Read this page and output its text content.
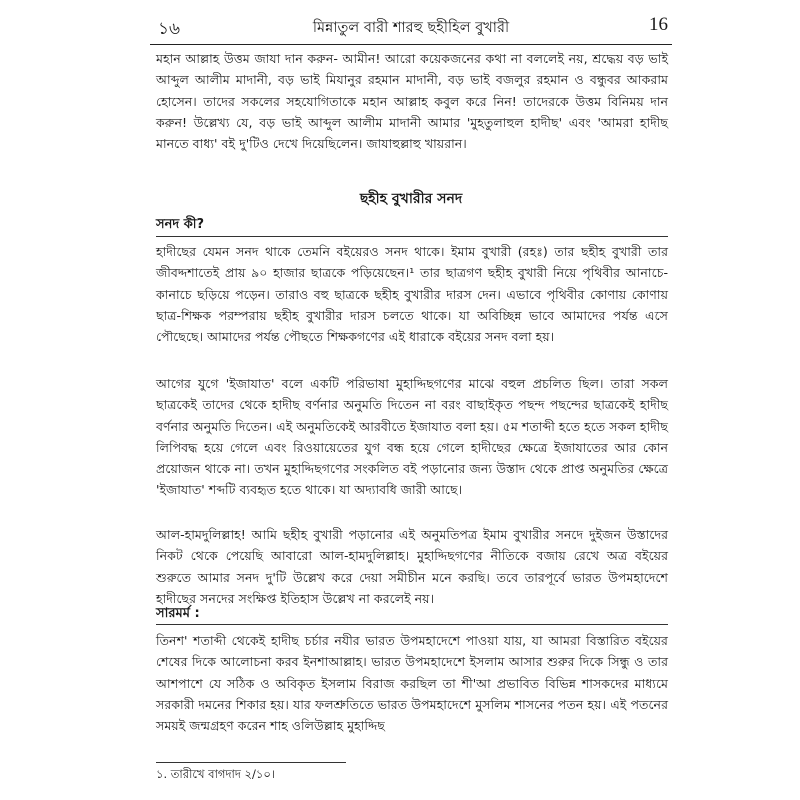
১৬	মিন্নাতুল বারী শারহু ছহীহিল বুখারী	16
মহান আল্লাহ উত্তম জাযা দান করুন- আমীন! আরো কয়েকজনের কথা না বললেই নয়, শ্রদ্ধেয় বড় ভাই আব্দুল আলীম মাদানী, বড় ভাই মিযানুর রহমান মাদানী, বড় ভাই বজলুর রহমান ও বন্ধুবর আকরাম হোসেন। তাদের সকলের সহযোগিতাকে মহান আল্লাহ কবুল করে নিন! তাদেরকে উত্তম বিনিময় দান করুন! উল্লেখ্য যে, বড় ভাই আব্দুল আলীম মাদানী আমার 'মুহতুলাহুল হাদীছ' এবং 'আমরা হাদীছ মানতে বাধ্য' বই দু'টিও দেখে দিয়েছিলেন। জাযাহুল্লাহু খায়রান।
ছহীহ বুখারীর সনদ
সনদ কী?
হাদীছের যেমন সনদ থাকে তেমনি বইয়েরও সনদ থাকে। ইমাম বুখারী (রহঃ) তার ছহীহ বুখারী তার জীবদ্দশাতেই প্রায় ৯০ হাজার ছাত্রকে পড়িয়েছেন।¹ তার ছাত্রগণ ছহীহ বুখারী নিয়ে পৃথিবীর আনাচে-কানাচে ছড়িয়ে পড়েন। তারাও বহু ছাত্রকে ছহীহ বুখারীর দারস দেন। এভাবে পৃথিবীর কোণায় কোণায় ছাত্র-শিক্ষক পরম্পরায় ছহীহ বুখারীর দারস চলতে থাকে। যা অবিচ্ছিন্ন ভাবে আমাদের পর্যন্ত এসে পৌছেছে। আমাদের পর্যন্ত পৌছতে শিক্ষকগণের এই ধারাকে বইয়ের সনদ বলা হয়।
আগের যুগে 'ইজাযাত' বলে একটি পরিভাষা মুহাদ্দিছগণের মাঝে বহুল প্রচলিত ছিল। তারা সকল ছাত্রকেই তাদের থেকে হাদীছ বর্ণনার অনুমতি দিতেন না বরং বাছাইকৃত পছন্দ পছন্দের ছাত্রকেই হাদীছ বর্ণনার অনুমতি দিতেন। এই অনুমতিকেই আরবীতে ইজাযাত বলা হয়। ৫ম শতাব্দী হতে হতে সকল হাদীছ লিপিবদ্ধ হয়ে গেলে এবং রিওয়ায়েতের যুগ বন্ধ হয়ে গেলে হাদীছের ক্ষেত্রে ইজাযাতের আর কোন প্রয়োজন থাকে না। তখন মুহাদ্দিছগণের সংকলিত বই পড়ানোর জন্য উস্তাদ থেকে প্রাপ্ত অনুমতির ক্ষেত্রে 'ইজাযাত' শব্দটি ব্যবহৃত হতে থাকে। যা অদ্যাবধি জারী আছে।
আল-হামদুলিল্লাহ! আমি ছহীহ বুখারী পড়ানোর এই অনুমতিপত্র ইমাম বুখারীর সনদে দুইজন উস্তাদের নিকট থেকে পেয়েছি আবারো আল-হামদুলিল্লাহ। মুহাদ্দিছগণের নীতিকে বজায় রেখে অত্র বইয়ের শুরুতে আমার সনদ দু'টি উল্লেখ করে দেয়া সমীচীন মনে করছি। তবে তারপূর্বে ভারত উপমহাদেশে হাদীছের সনদের সংক্ষিপ্ত ইতিহাস উল্লেখ না করলেই নয়।
সারমর্ম :
তিনশ' শতাব্দী থেকেই হাদীছ চর্চার নযীর ভারত উপমহাদেশে পাওয়া যায়, যা আমরা বিস্তারিত বইয়ের শেষের দিকে আলোচনা করব ইনশাআল্লাহ। ভারত উপমহাদেশে ইসলাম আসার শুরুর দিকে সিন্ধু ও তার আশপাশে যে সঠিক ও অবিকৃত ইসলাম বিরাজ করছিল তা শী'আ প্রভাবিত বিভিন্ন শাসকদের মাধ্যমে সরকারী দমনের শিকার হয়। যার ফলশ্রুতিতে ভারত উপমহাদেশে মুসলিম শাসনের পতন হয়। এই পতনের সময়ই জন্মগ্রহণ করেন শাহ ওলিউল্লাহ মুহাদ্দিছ
১. তারীখে বাগদাদ ২/১০।
